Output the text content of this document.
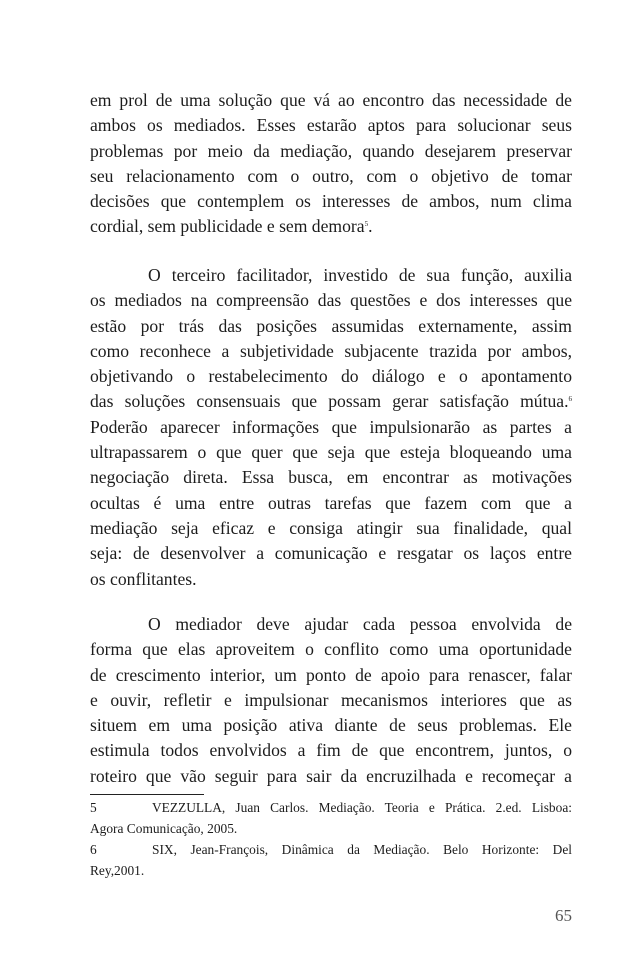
em prol de uma solução que vá ao encontro das necessidade de
ambos os mediados. Esses estarão aptos para solucionar seus
problemas por meio da mediação, quando desejarem preservar
seu relacionamento com o outro, com o objetivo de tomar
decisões que contemplem os interesses de ambos, num clima
cordial, sem publicidade e sem demora$^5$.
O terceiro facilitador, investido de sua função, auxilia
os mediados na compreensão das questões e dos interesses que
estão por trás das posições assumidas externamente, assim
como reconhece a subjetividade subjacente trazida por ambos,
objetivando o restabelecimento do diálogo e o apontamento
das soluções consensuais que possam gerar satisfação mútua.$^6$
Poderão aparecer informações que impulsionarão as partes a
ultrapassarem o que quer que seja que esteja bloqueando uma
negociação direta. Essa busca, em encontrar as motivações
ocultas é uma entre outras tarefas que fazem com que a
mediação seja eficaz e consiga atingir sua finalidade, qual
seja: de desenvolver a comunicação e resgatar os laços entre
os conflitantes.
O mediador deve ajudar cada pessoa envolvida de
forma que elas aproveitem o conflito como uma oportunidade
de crescimento interior, um ponto de apoio para renascer, falar
e ouvir, refletir e impulsionar mecanismos interiores que as
situem em uma posição ativa diante de seus problemas. Ele
estimula todos envolvidos a fim de que encontrem, juntos, o
roteiro que vão seguir para sair da encruzilhada e recomeçar a
5	VEZZULLA, Juan Carlos. Mediação. Teoria e Prática. 2.ed. Lisboa:
Agora Comunicação, 2005.
6	SIX, Jean-François, Dinâmica da Mediação. Belo Horizonte: Del
Rey,2001.
65
